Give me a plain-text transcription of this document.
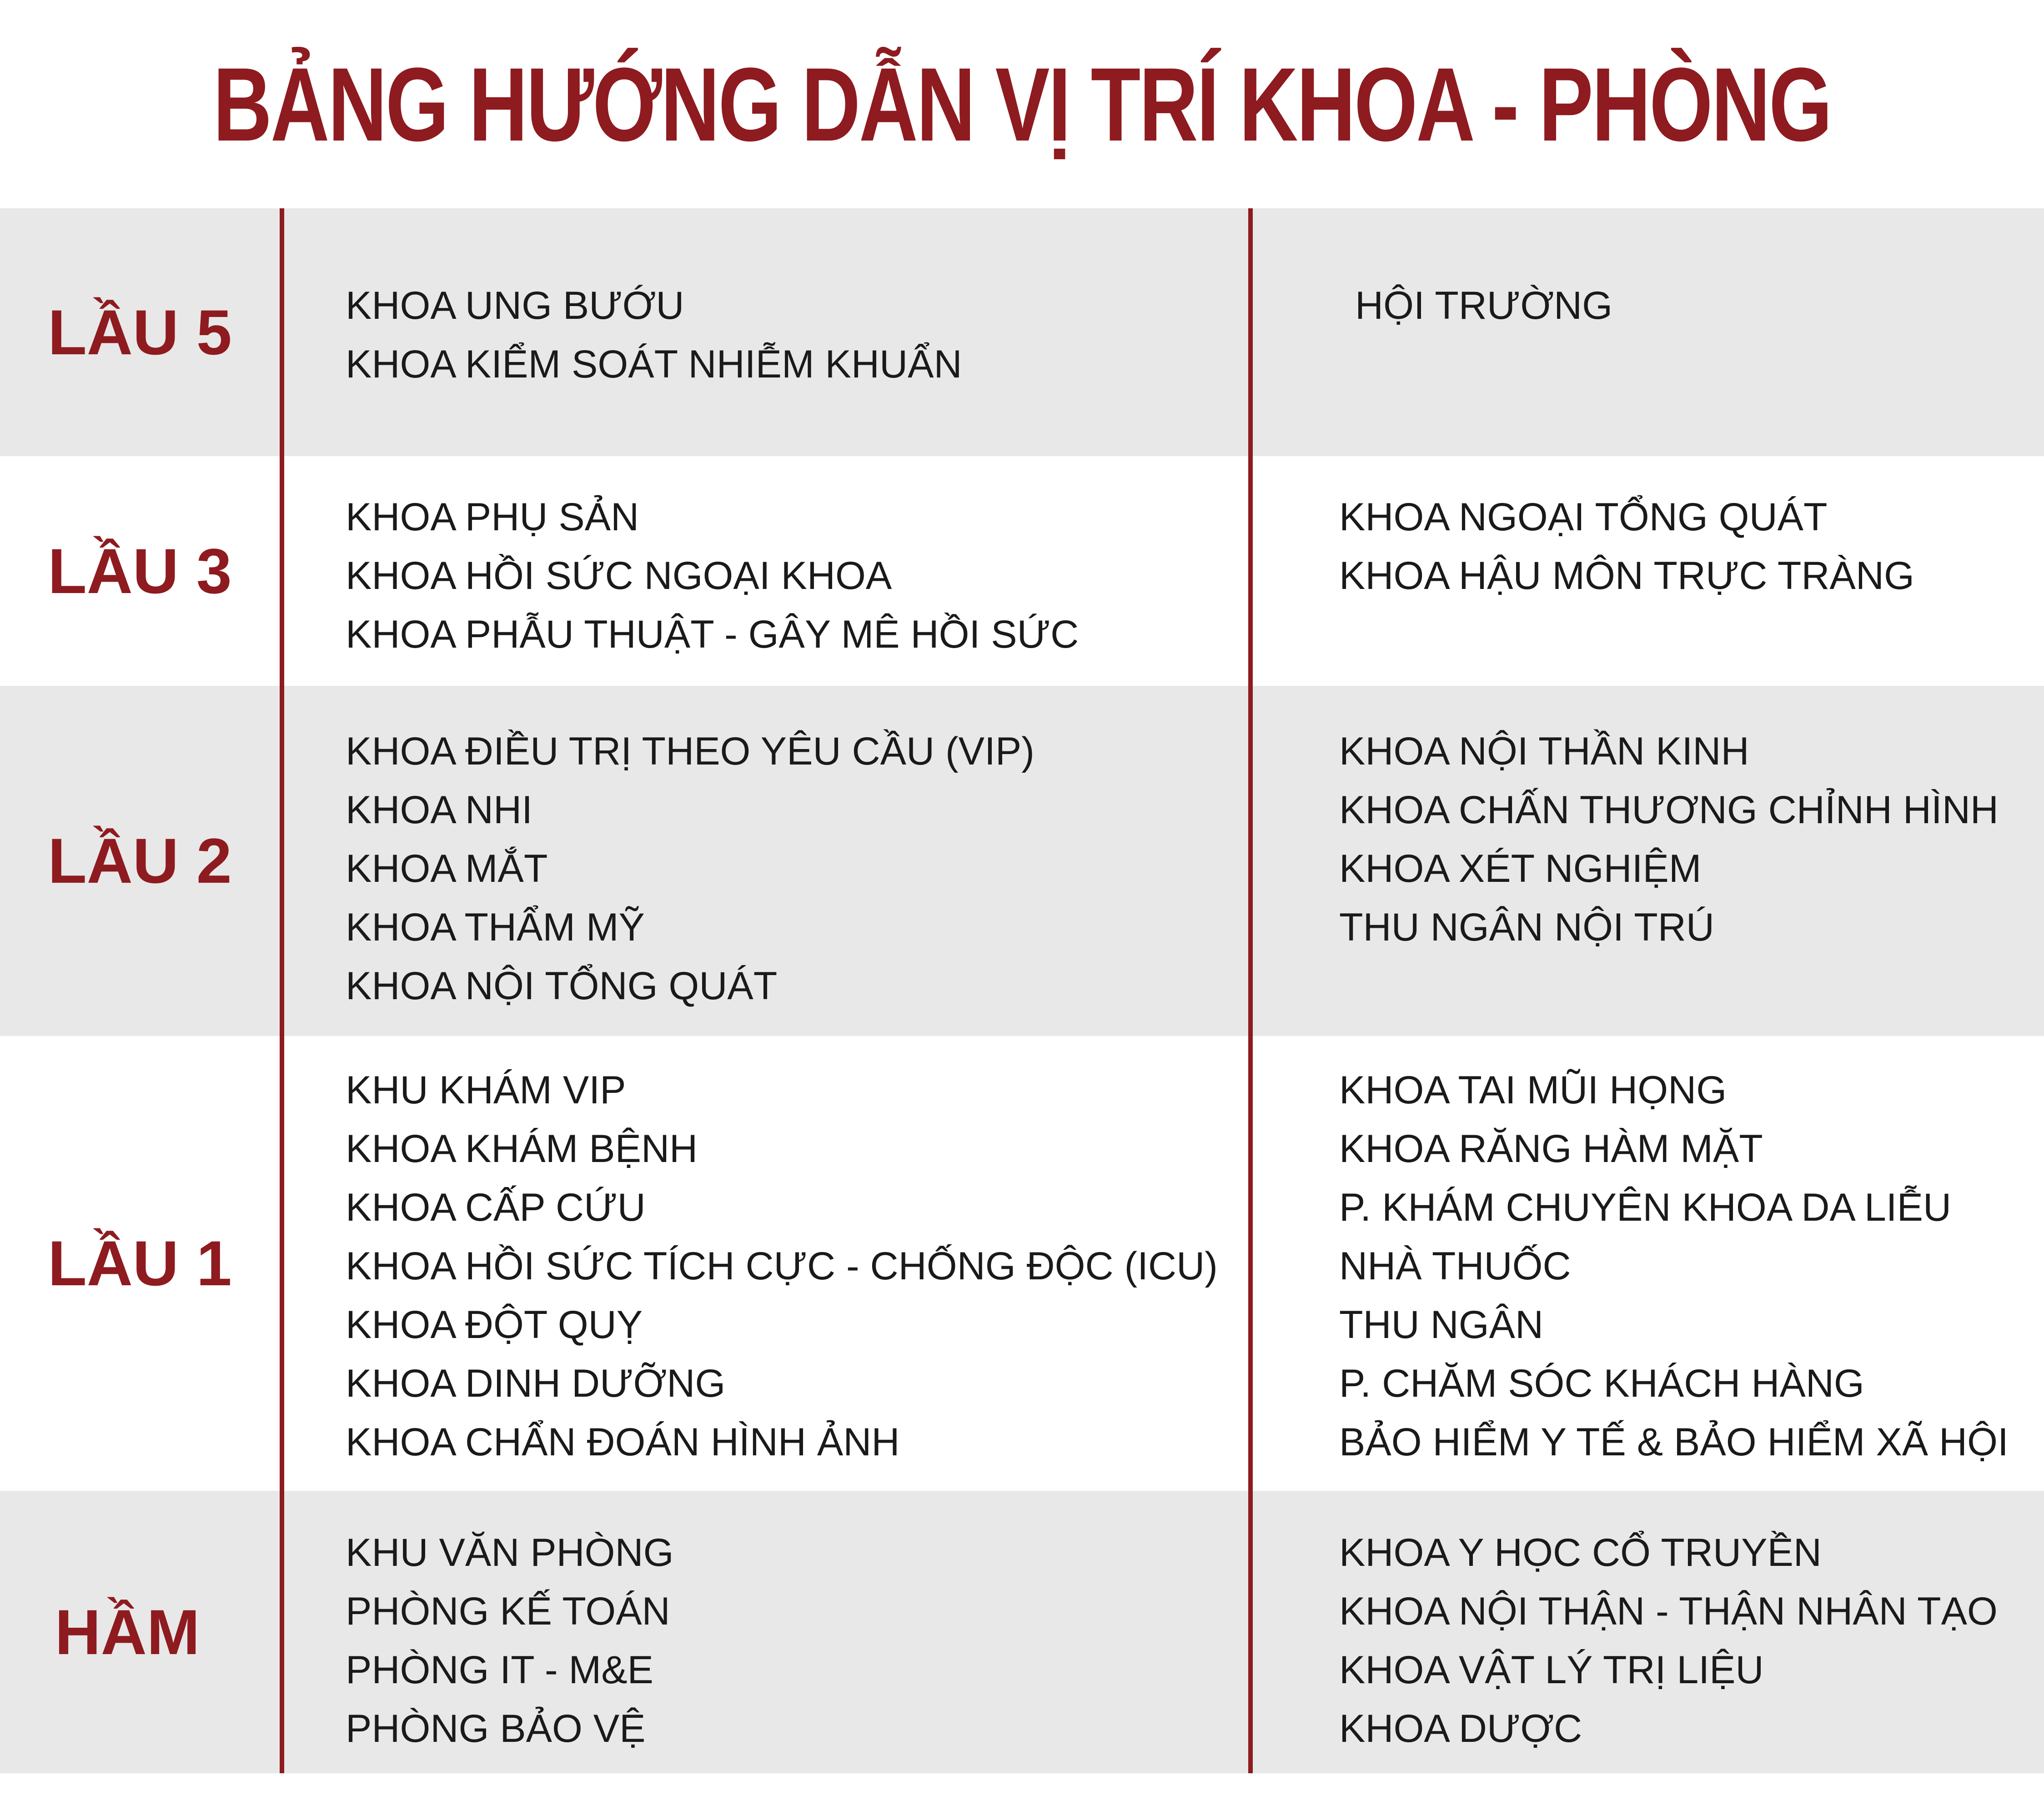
BẢNG HƯỚNG DẪN VỊ TRÍ KHOA - PHÒNG
LẦU 5	KHOA UNG BƯỚU
KHOA KIỂM SOÁT NHIỄM KHUẨN
HỘI TRƯỜNG
LẦU 3
KHOA PHỤ SẢN
KHOA HỒI SỨC NGOẠI KHOA
KHOA PHẪU THUẬT - GÂY MÊ HỒI SỨC
KHOA NGOẠI TỔNG QUÁT
KHOA HẬU MÔN TRỰC TRÀNG
LẦU 2
KHOA ĐIỀU TRỊ THEO YÊU CẦU (VIP)
KHOA NHI
KHOA MẮT
KHOA THẨM MỸ
KHOA NỘI TỔNG QUÁT
KHOA NỘI THẦN KINH
KHOA CHẤN THƯƠNG CHỈNH HÌNH
KHOA XÉT NGHIỆM
THU NGÂN NỘI TRÚ
LẦU 1
KHU KHÁM VIP
KHOA KHÁM BỆNH
KHOA CẤP CỨU
KHOA HỒI SỨC TÍCH CỰC - CHỐNG ĐỘC (ICU)
KHOA ĐỘT QUỴ
KHOA DINH DƯỠNG
KHOA CHẨN ĐOÁN HÌNH ẢNH
KHOA TAI MŨI HỌNG
KHOA RĂNG HÀM MẶT
P. KHÁM CHUYÊN KHOA DA LIỄU
NHÀ THUỐC
THU NGÂN
P. CHĂM SÓC KHÁCH HÀNG
BẢO HIỂM Y TẾ & BẢO HIỂM XÃ HỘI
HẦM
KHU VĂN PHÒNG
PHÒNG KẾ TOÁN
PHÒNG IT - M&E
PHÒNG BẢO VỆ
KHOA Y HỌC CỔ TRUYỀN
KHOA NỘI THẬN - THẬN NHÂN TẠO
KHOA VẬT LÝ TRỊ LIỆU
KHOA DƯỢC
